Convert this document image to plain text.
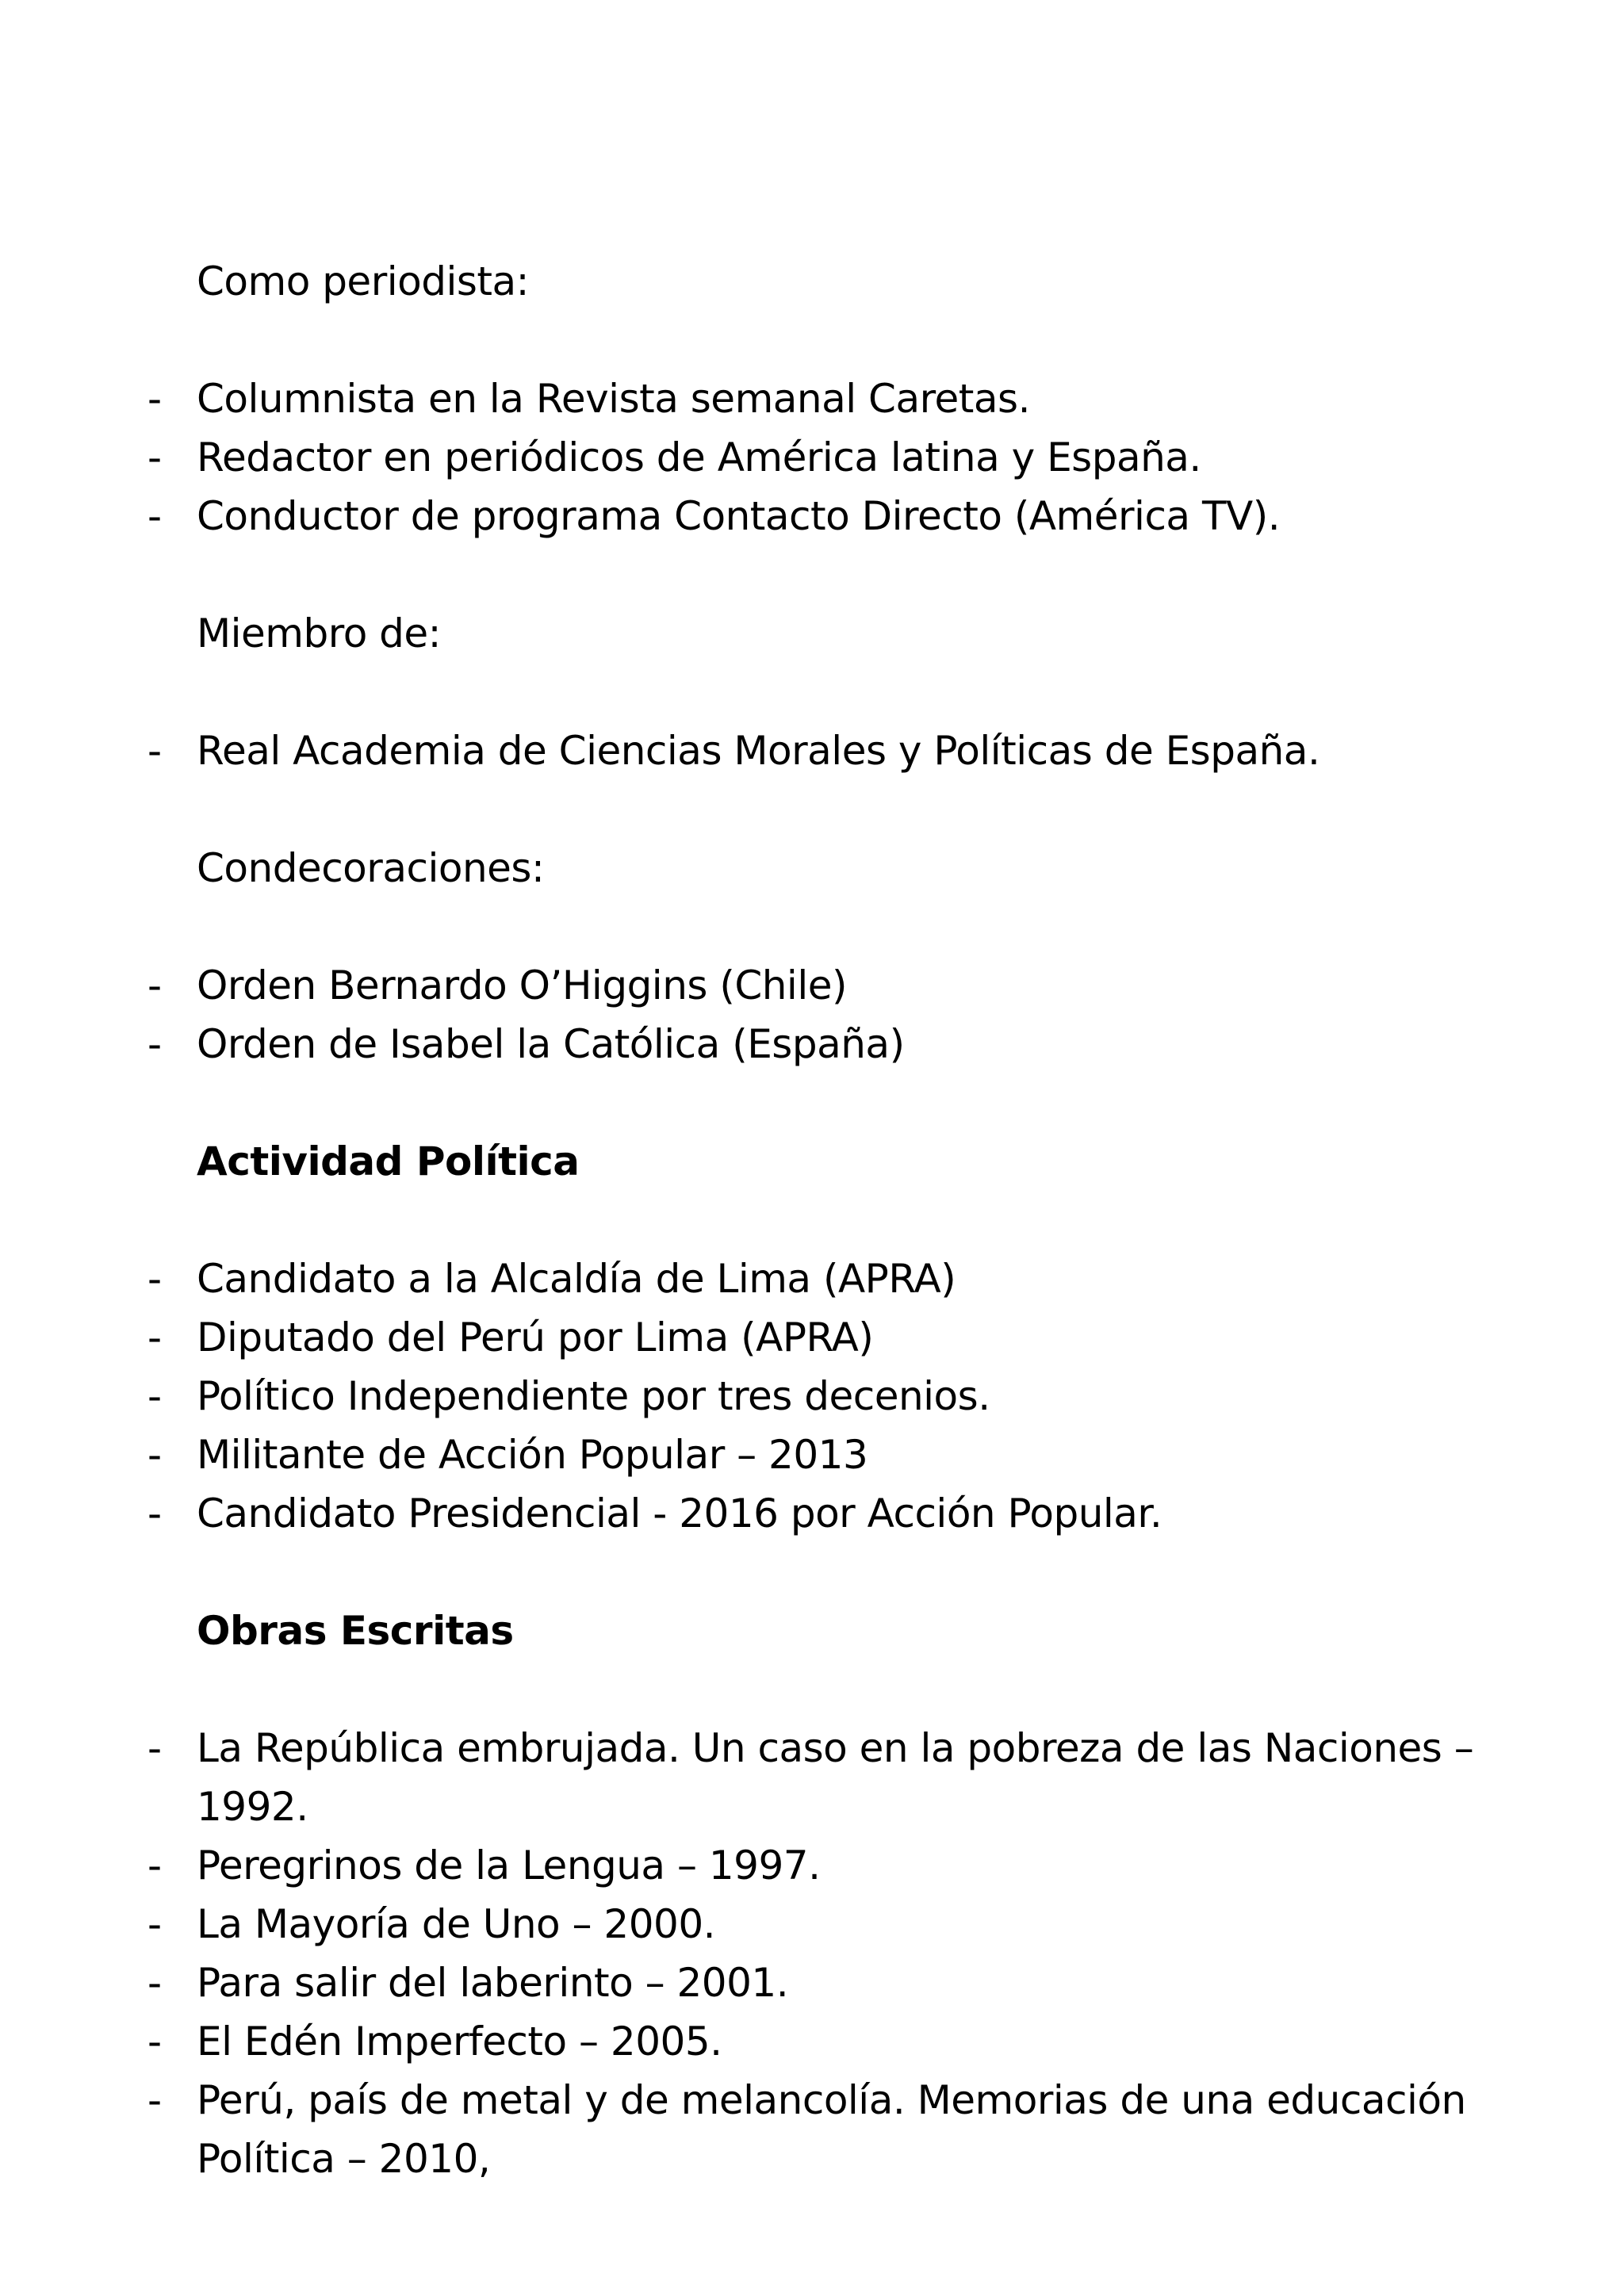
Como periodista:

- Columnista en la Revista semanal Caretas.
- Redactor en periódicos de América latina y España.
- Conductor de programa Contacto Directo (América TV).

Miembro de:

- Real Academia de Ciencias Morales y Políticas de España.

Condecoraciones:

- Orden Bernardo O’Higgins (Chile)
- Orden de Isabel la Católica (España)

Actividad Política

- Candidato a la Alcaldía de Lima (APRA)
- Diputado del Perú por Lima (APRA)
- Político Independiente por tres decenios.
- Militante de Acción Popular – 2013
- Candidato Presidencial - 2016 por Acción Popular.

Obras Escritas

- La República embrujada. Un caso en la pobreza de las Naciones – 1992.
- Peregrinos de la Lengua – 1997.
- La Mayoría de Uno – 2000.
- Para salir del laberinto – 2001.
- El Edén Imperfecto – 2005.
- Perú, país de metal y de melancolía. Memorias de una educación Política – 2010,
